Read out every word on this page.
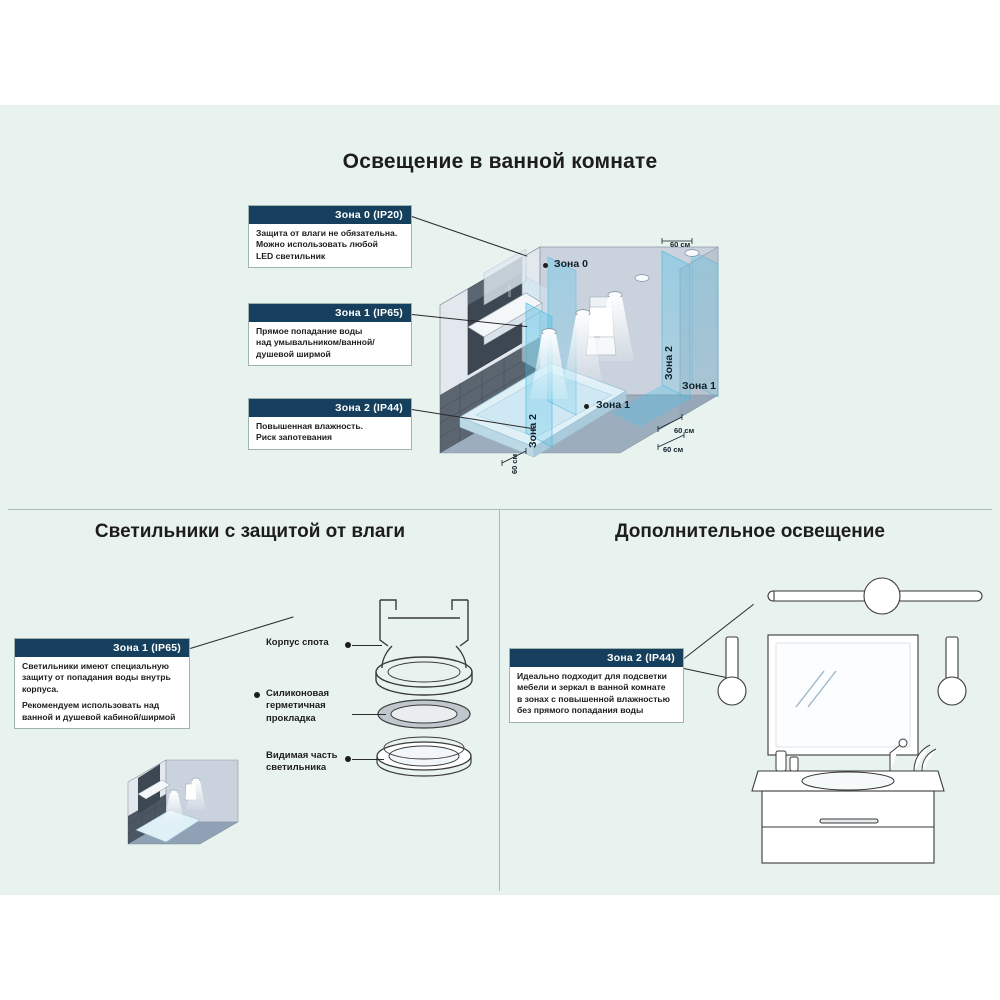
Освещение в ванной комнате
Зона 0
Зона 1
Зона 1
Зона 2
Зона 2
60 см
60 см
60 см
60 см
Зона 0 (IP20)

Защита от влаги не обязательна.

Можно использовать любой

LED светильник

Зона 1 (IP65)

Прямое попадание воды

над умывальником/ванной/

душевой ширмой

Зона 2 (IP44)

Повышенная влажность.

Риск запотевания

Светильники с защитой от влаги
Зона 1 (IP65)

Светильники имеют специальную защиту от попадания воды внутрь корпуса.

Рекомендуем использовать над ванной и душевой кабиной/ширмой

Корпус спота
Силиконовая
герметичная
прокладка
Видимая часть
светильника
Дополнительное освещение
Зона 2 (IP44)

Идеально подходит для подсветки

мебели и зеркал в ванной комнате

в зонах с повышенной влажностью

без прямого попадания воды
